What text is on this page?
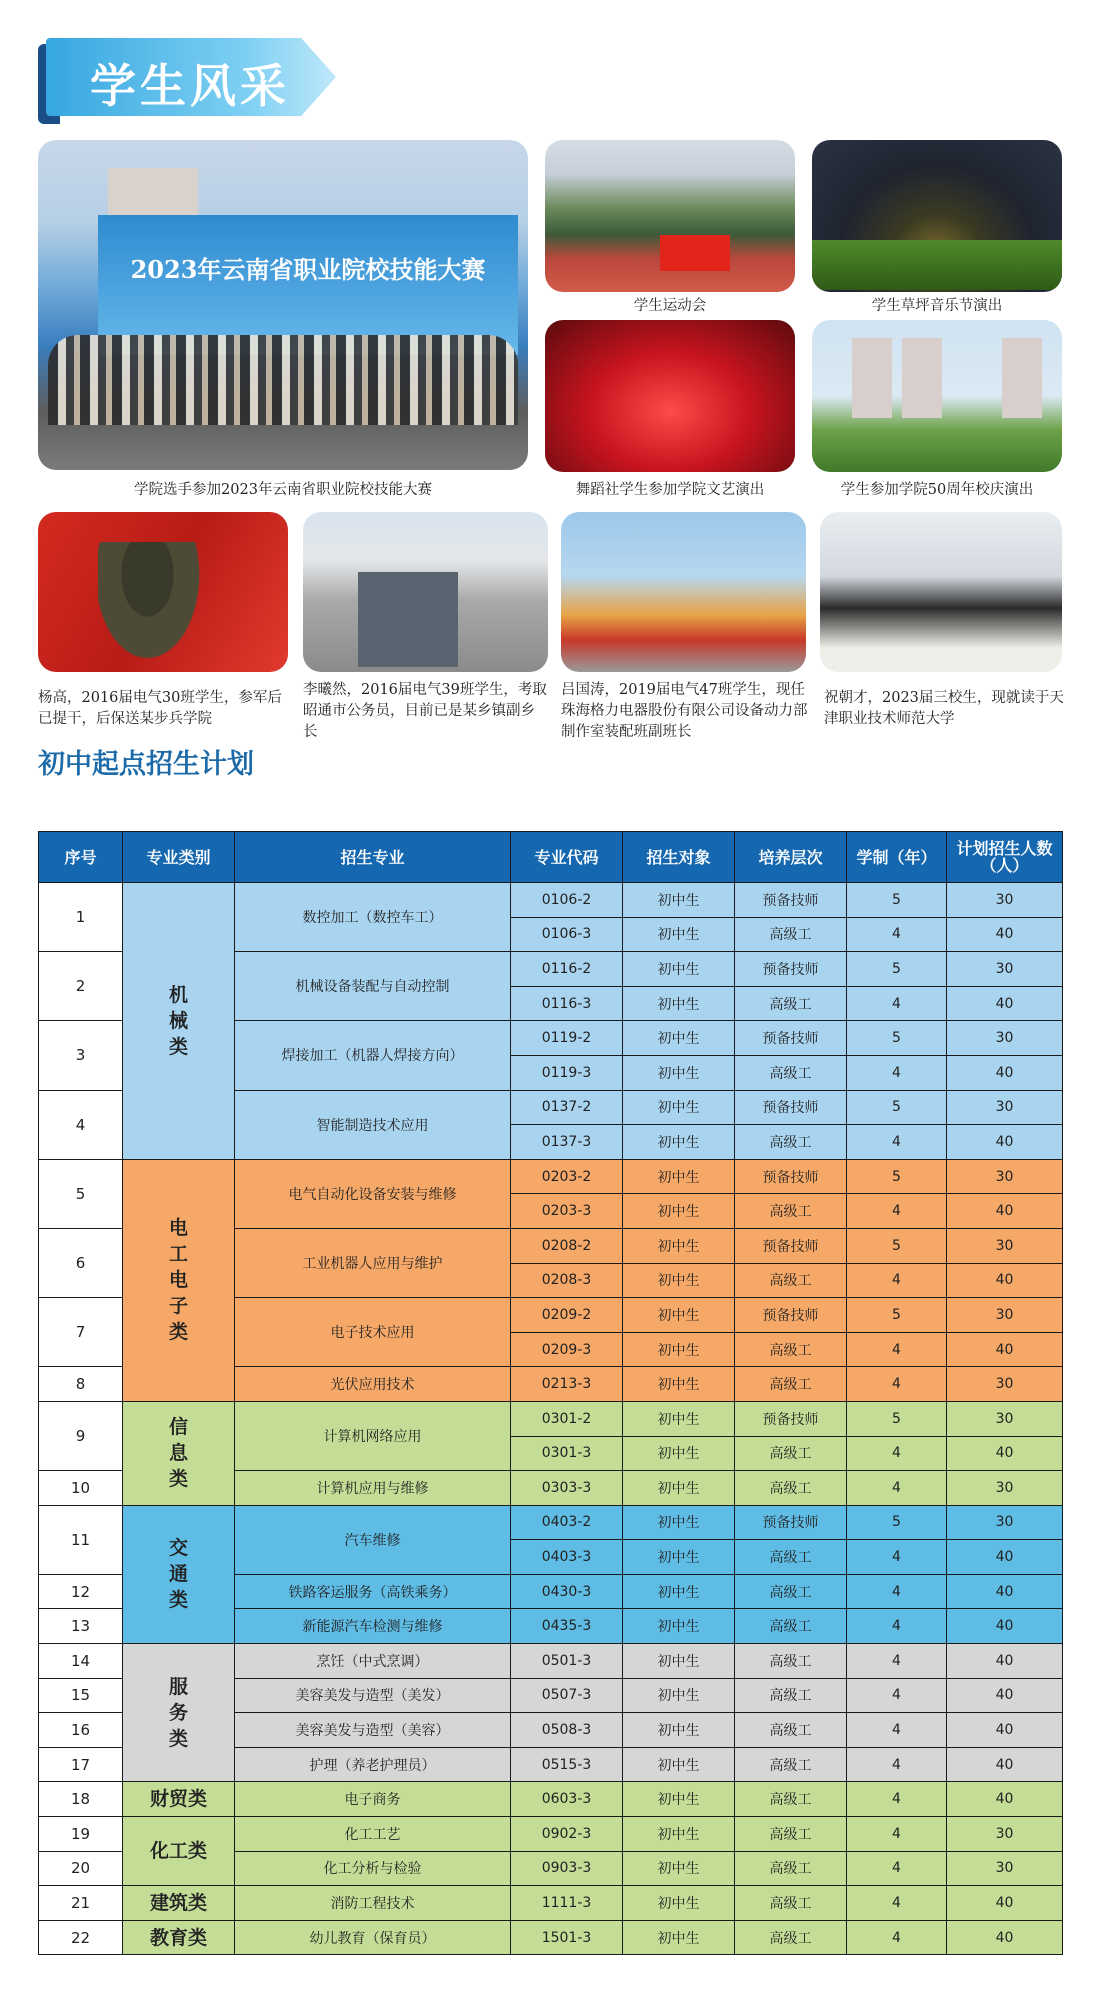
学生风采
2023年云南省职业院校技能大赛
学院选手参加2023年云南省职业院校技能大赛
学生运动会	学生草坪音乐节演出
舞蹈社学生参加学院文艺演出	学生参加学院50周年校庆演出
杨高，2016届电气30班学生，参军后已提干，后保送某步兵学院
李曦然，2016届电气39班学生，考取昭通市公务员，目前已是某乡镇副乡长
吕国涛，2019届电气47班学生，现任珠海格力电器股份有限公司设备动力部制作室装配班副班长
祝朝才，2023届三校生，现就读于天津职业技术师范大学
初中起点招生计划
序号	专业类别	招生专业	专业代码	招生对象	培养层次	学制（年）	计划招生人数（人）
1	机械类	数控加工（数控车工）	0106-2	初中生	预备技师	5	30
			0106-3	初中生	高级工	4	40
2		机械设备装配与自动控制	0116-2	初中生	预备技师	5	30
			0116-3	初中生	高级工	4	40
3		焊接加工（机器人焊接方向）	0119-2	初中生	预备技师	5	30
			0119-3	初中生	高级工	4	40
4		智能制造技术应用	0137-2	初中生	预备技师	5	30
			0137-3	初中生	高级工	4	40
5	电工电子类	电气自动化设备安装与维修	0203-2	初中生	预备技师	5	30
			0203-3	初中生	高级工	4	40
6		工业机器人应用与维护	0208-2	初中生	预备技师	5	30
			0208-3	初中生	高级工	4	40
7		电子技术应用	0209-2	初中生	预备技师	5	30
			0209-3	初中生	高级工	4	40
8		光伏应用技术	0213-3	初中生	高级工	4	30
9	信息类	计算机网络应用	0301-2	初中生	预备技师	5	30
			0301-3	初中生	高级工	4	40
10		计算机应用与维修	0303-3	初中生	高级工	4	30
11	交通类	汽车维修	0403-2	初中生	预备技师	5	30
			0403-3	初中生	高级工	4	40
12		铁路客运服务（高铁乘务）	0430-3	初中生	高级工	4	40
13		新能源汽车检测与维修	0435-3	初中生	高级工	4	40
14	服务类	烹饪（中式烹调）	0501-3	初中生	高级工	4	40
15		美容美发与造型（美发）	0507-3	初中生	高级工	4	40
16		美容美发与造型（美容）	0508-3	初中生	高级工	4	40
17		护理（养老护理员）	0515-3	初中生	高级工	4	40
18	财贸类	电子商务	0603-3	初中生	高级工	4	40
19	化工类	化工工艺	0902-3	初中生	高级工	4	30
20		化工分析与检验	0903-3	初中生	高级工	4	30
21	建筑类	消防工程技术	1111-3	初中生	高级工	4	40
22	教育类	幼儿教育（保育员）	1501-3	初中生	高级工	4	40
